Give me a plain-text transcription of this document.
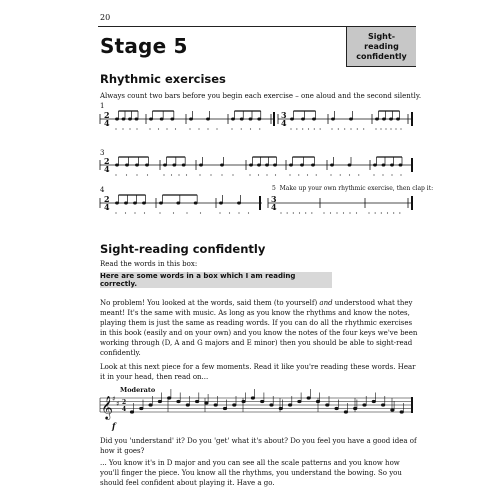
20
Stage 5	Sight-reading
confidently
Rhythmic exercises
Always count two bars before you begin each exercise – one aloud and the second silently.
1
3
4	5 Make up your own rhythmic exercise, then clap it:
2
4
3
4
2
4
2
4
3
4
𝄞 ♯
♯ 2
4
Sight-reading confidently
Read the words in this box:
Here are some words in a box which I am reading correctly.

No problem! You looked at the words, said them (to yourself) and understood what they meant! It's the same with music. As long as you know the rhythms and know the notes, playing them is just the same as reading words. If you can do all the rhythmic exercises in this book (easily and on your own) and you know the notes of the four keys we've been working through (D, A and G majors and E minor) then you should be able to sight-read confidently.

Look at this next piece for a few moments. Read it like you're reading these words. Hear it in your head, then read on...

Moderato
f

Did you 'understand' it? Do you 'get' what it's about? Do you feel you have a good idea of how it goes?

... You know it's in D major and you can see all the scale patterns and you know how you'll finger the piece. You know all the rhythms, you understand the bowing. So you should feel confident about playing it. Have a go.
